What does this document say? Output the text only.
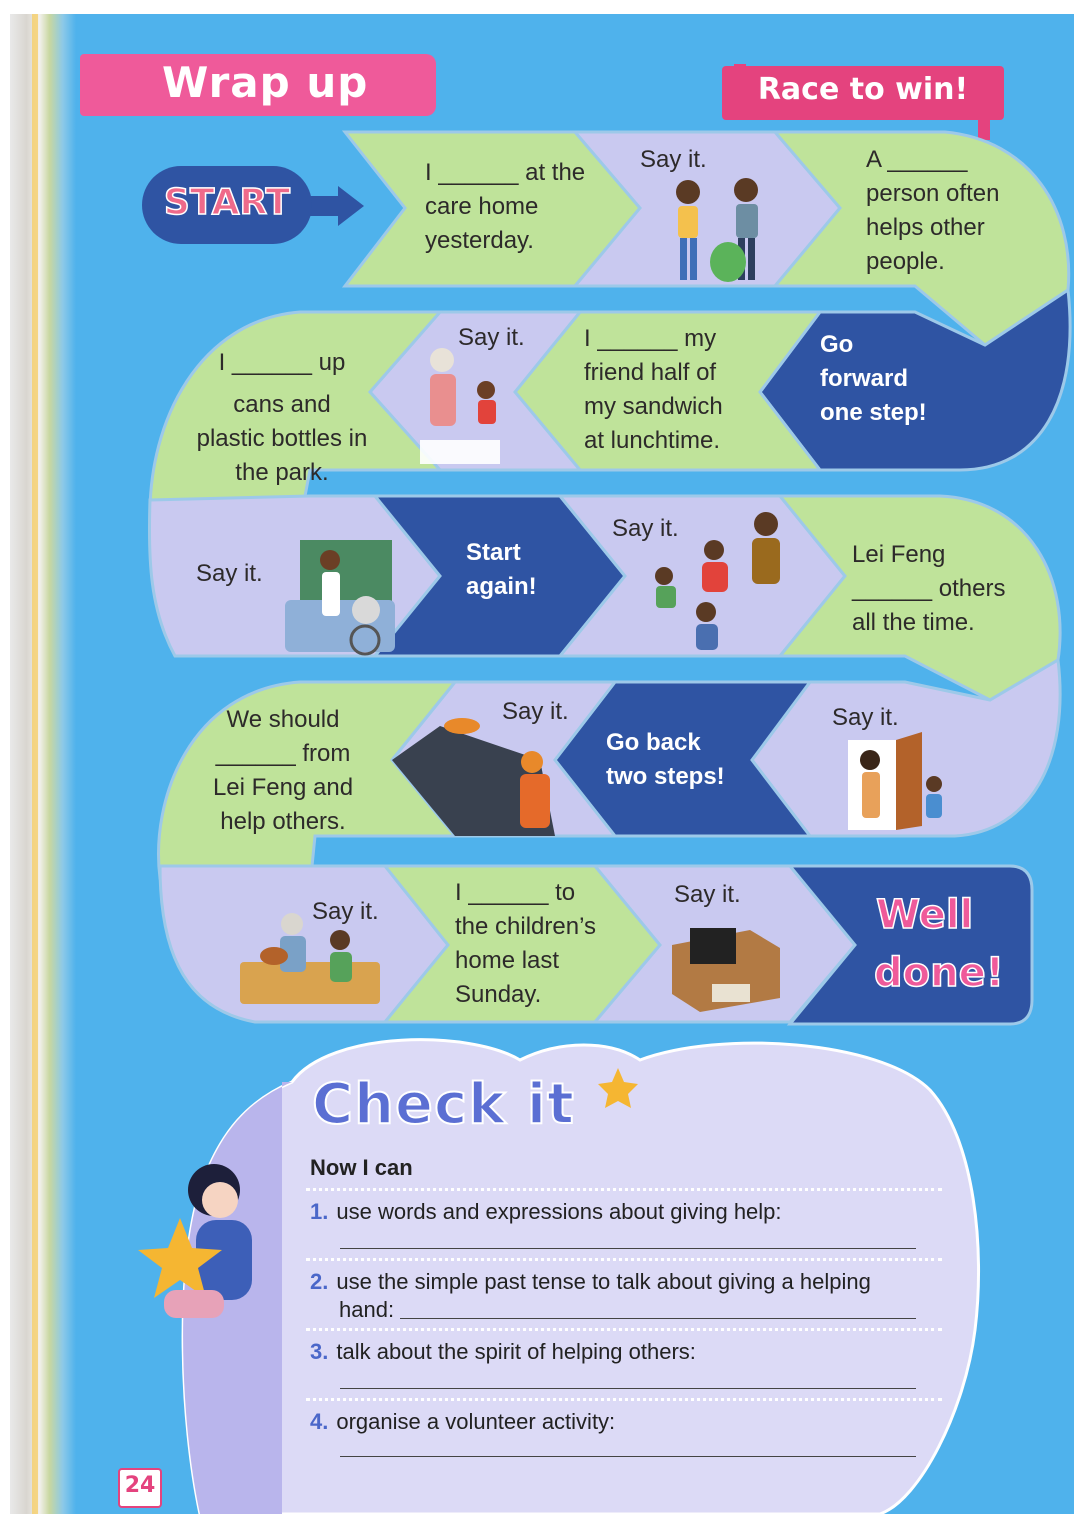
Wrap up	Race to win!
START
I ______ at the
care home
yesterday.
Say it.	A ______
person often
helps other
people.
I ______ up
cans and
plastic bottles in
the park.
Say it. I ______ my
friend half of
my sandwich
at lunchtime.
Go
forward
one step!
Say it.
Start
again!
Say it.
Lei Feng
______ others
all the time.
We should
______ from
Lei Feng and
help others.
Say it.
Go back
two steps!
Say it.
Say it.
I ______ to
the children’s
home last
Sunday.
Say it.	Well
done!
Check it
Now I can
1. use words and expressions about giving help:
2. use the simple past tense to talk about giving a helping
hand:
3. talk about the spirit of helping others:
4. organise a volunteer activity:
24
